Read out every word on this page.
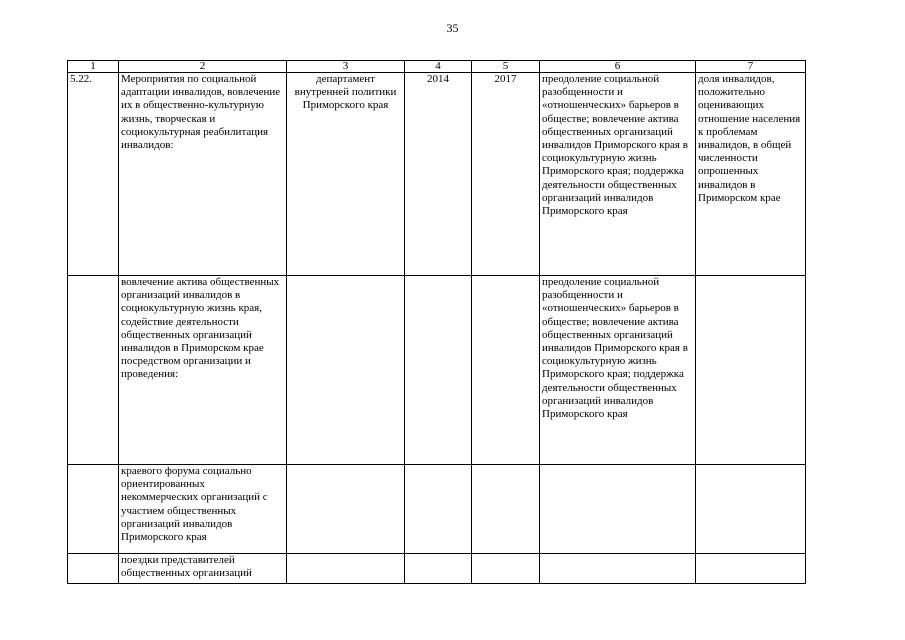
35
1	2	3	4	5	6	7
5.22.	Мероприятия по социальной адаптации инвалидов, вовлечение их в общественно-культурную жизнь, творческая и социокультурная реабилитация инвалидов:	департамент внутренней политики Приморского края	2014	2017	преодоление социальной разобщенности и «отношенческих» барьеров в обществе; вовлечение актива общественных организаций инвалидов Приморского края в социокультурную жизнь Приморского края; поддержка деятельности общественных организаций инвалидов Приморского края	доля инвалидов, положительно оценивающих отношение населения к проблемам инвалидов, в общей численности опрошенных инвалидов в Приморском крае
	вовлечение актива общественных организаций инвалидов в социокультурную жизнь края, содействие деятельности общественных организаций инвалидов в Приморском крае посредством организации и проведения:				преодоление социальной разобщенности и «отношенческих» барьеров в обществе; вовлечение актива общественных организаций инвалидов Приморского края в социокультурную жизнь Приморского края; поддержка деятельности общественных организаций инвалидов Приморского края	
	краевого форума социально ориентированных некоммерческих организаций с участием общественных организаций инвалидов Приморского края					
	поездки представителей общественных организаций					
